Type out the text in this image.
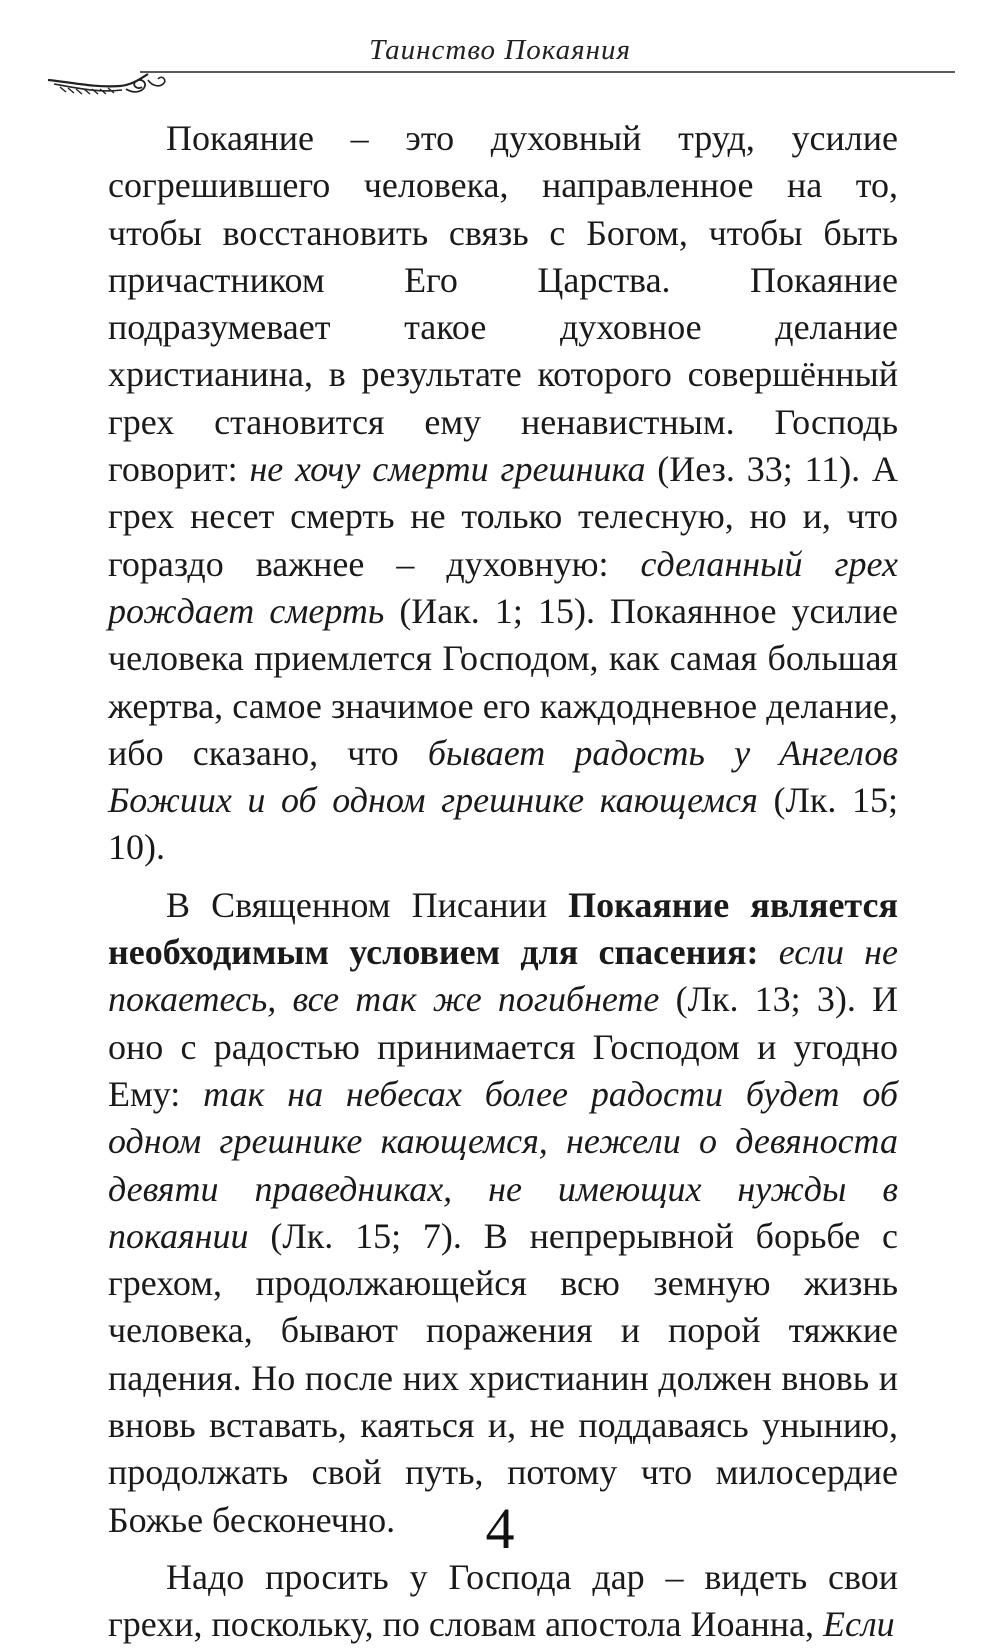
Таинство Покаяния

Покаяние – это духовный труд, усилие согрешившего человека, направленное на то, чтобы восстановить связь с Богом, чтобы быть причастником Его Царства. Покаяние подразумевает такое духовное делание христианина, в результате которого совершённый грех становится ему ненавистным. Господь говорит: не хочу смерти грешника (Иез. 33; 11). А грех несет смерть не только телесную, но и, что гораздо важнее – духовную: сделанный грех рождает смерть (Иак. 1; 15). Покаянное усилие человека приемлется Господом, как самая большая жертва, самое значимое его каждодневное делание, ибо сказано, что бывает радость у Ангелов Божиих и об одном грешнике кающемся (Лк. 15; 10).

В Священном Писании Покаяние является необходимым условием для спасения: если не покаетесь, все так же погибнете (Лк. 13; 3). И оно с радостью принимается Господом и угодно Ему: так на небесах более радости будет об одном грешнике кающемся, нежели о девяноста девяти праведниках, не имеющих нужды в покаянии (Лк. 15; 7). В непрерывной борьбе с грехом, продолжающейся всю земную жизнь человека, бывают поражения и порой тяжкие падения. Но после них христианин должен вновь и вновь вставать, каяться и, не поддаваясь унынию, продолжать свой путь, потому что милосердие Божье бесконечно.

Надо просить у Господа дар – видеть свои грехи, поскольку, по словам апостола Иоанна, Если

4
